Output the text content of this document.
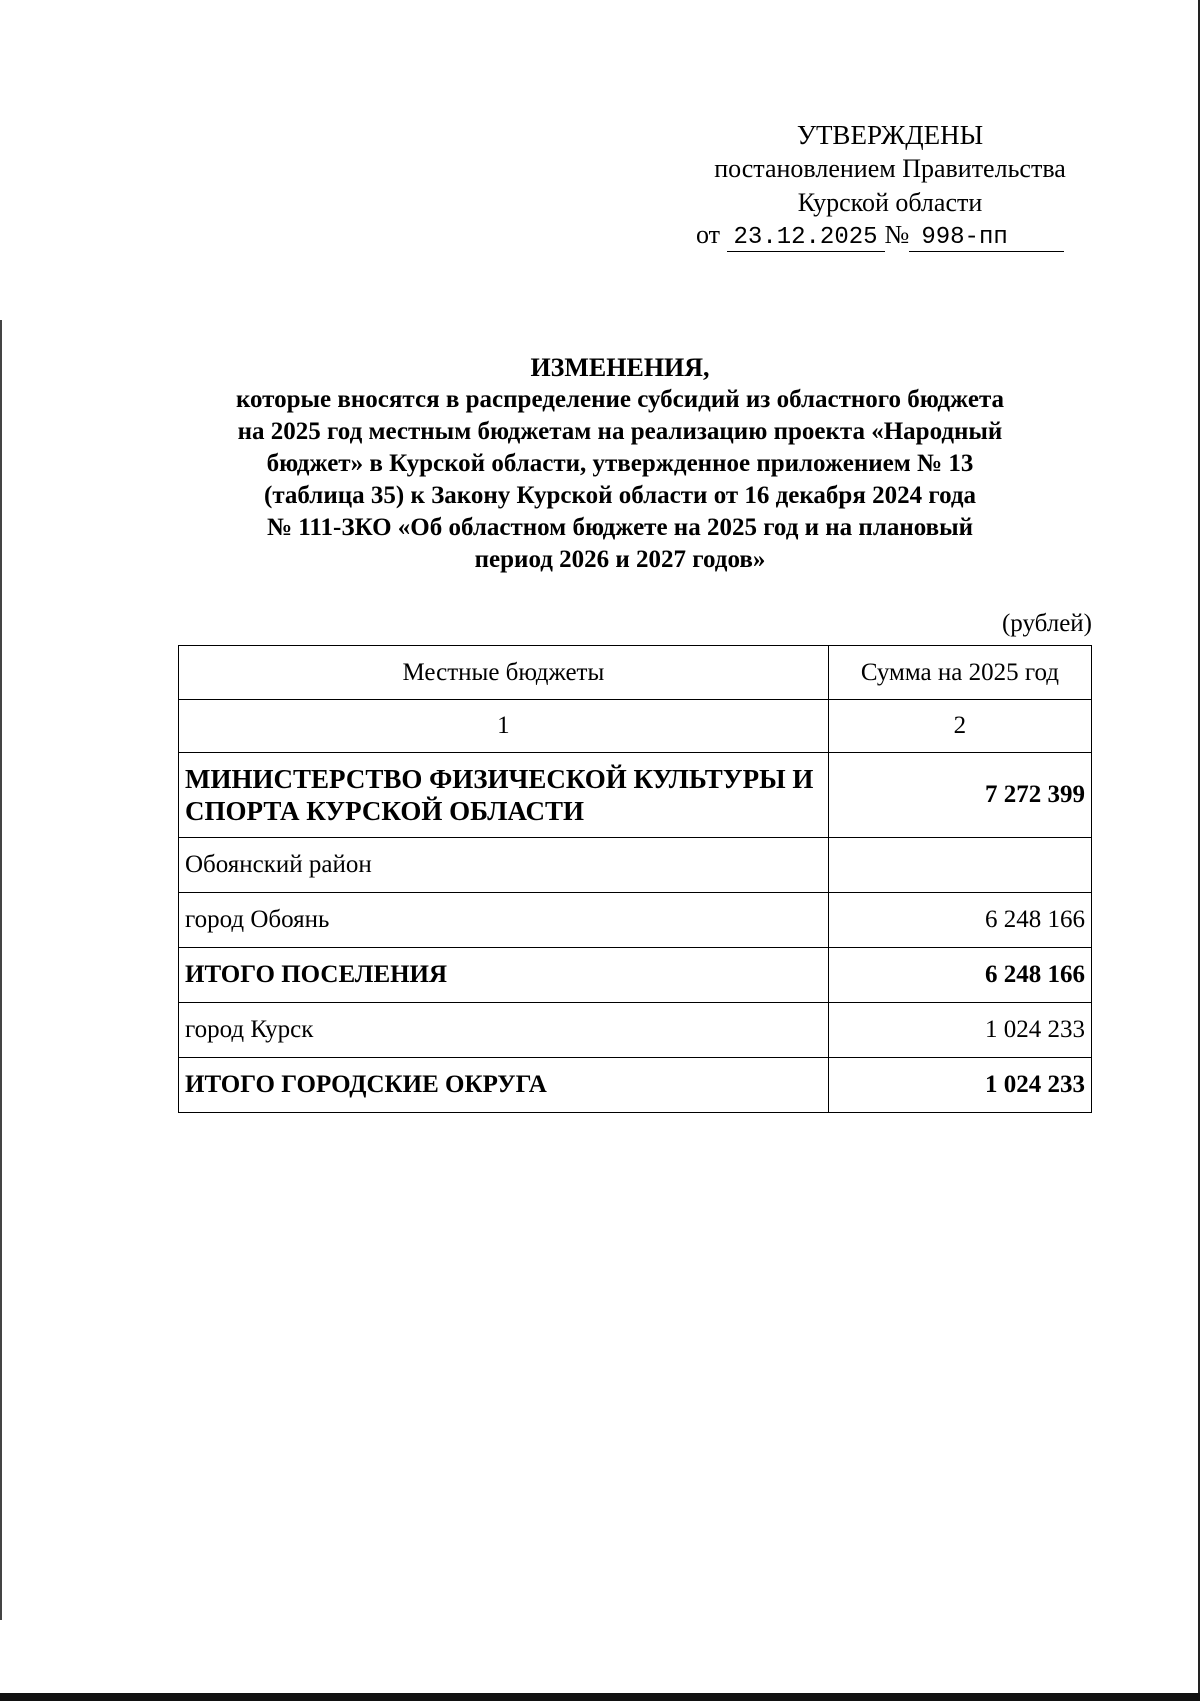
УТВЕРЖДЕНЫ
постановлением Правительства
Курской области
от 23.12.2025 № 998-пп
ИЗМЕНЕНИЯ,
которые вносятся в распределение субсидий из областного бюджета
на 2025 год местным бюджетам на реализацию проекта «Народный
бюджет» в Курской области, утвержденное приложением № 13
(таблица 35) к Закону Курской области от 16 декабря 2024 года
№ 111-ЗКО «Об областном бюджете на 2025 год и на плановый
период 2026 и 2027 годов»
(рублей)
Местные бюджеты	Сумма на 2025 год
1	2
МИНИСТЕРСТВО ФИЗИЧЕСКОЙ КУЛЬТУРЫ И СПОРТА КУРСКОЙ ОБЛАСТИ	7 272 399
Обоянский район	
город Обоянь	6 248 166
ИТОГО ПОСЕЛЕНИЯ	6 248 166
город Курск	1 024 233
ИТОГО ГОРОДСКИЕ ОКРУГА	1 024 233
